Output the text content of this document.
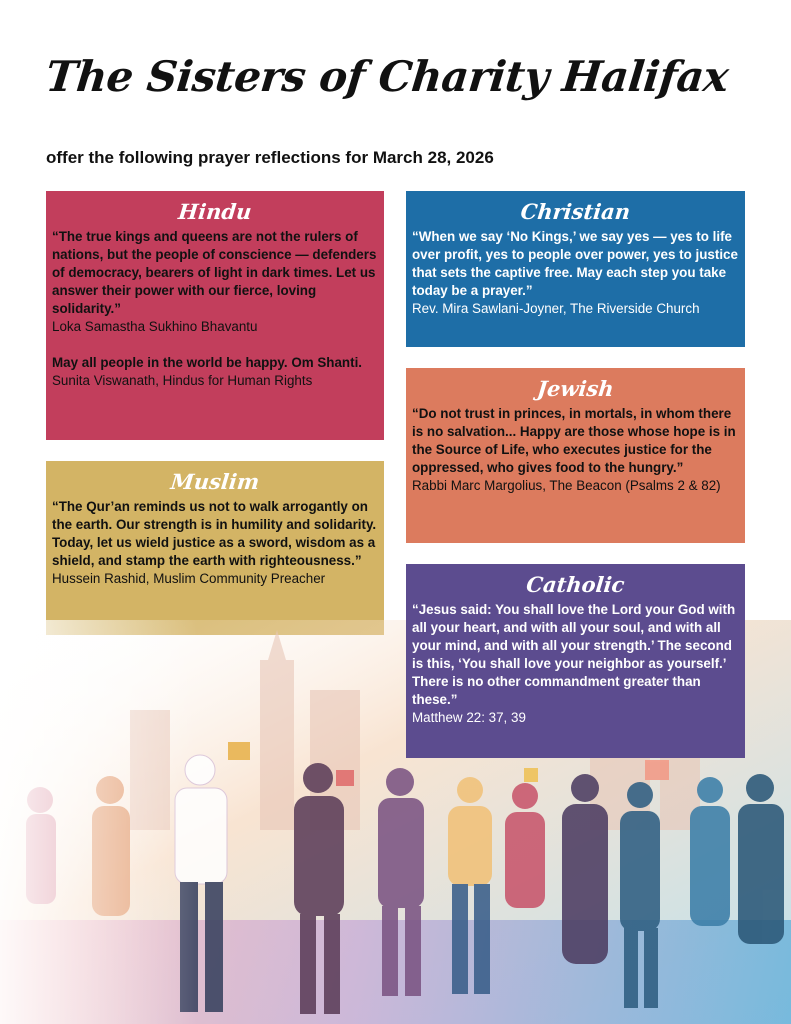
The Sisters of Charity Halifax
offer the following prayer reflections for March 28, 2026
Hindu
“The true kings and queens are not the rulers of nations, but the people of conscience — defenders of democracy, bearers of light in dark times. Let us answer their power with our fierce, loving solidarity.”
Loka Samastha Sukhino Bhavantu
May all people in the world be happy. Om Shanti.
Sunita Viswanath, Hindus for Human Rights
Christian
“When we say ‘No Kings,’ we say yes — yes to life over profit, yes to people over power, yes to justice that sets the captive free. May each step you take today be a prayer.”
Rev. Mira Sawlani-Joyner, The Riverside Church
Muslim
“The Qur’an reminds us not to walk arrogantly on the earth. Our strength is in humility and solidarity. Today, let us wield justice as a sword, wisdom as a shield, and stamp the earth with righteousness.”
Hussein Rashid, Muslim Community Preacher
Jewish
“Do not trust in princes, in mortals, in whom there is no salvation... Happy are those whose hope is in the Source of Life, who executes justice for the oppressed, who gives food to the hungry.”
Rabbi Marc Margolius, The Beacon (Psalms 2 & 82)
Catholic
“Jesus said: You shall love the Lord your God with all your heart, and with all your soul, and with all your mind, and with all your strength.’ The second is this, ‘You shall love your neighbor as yourself.’ There is no other commandment greater than these.”
Matthew 22: 37, 39
